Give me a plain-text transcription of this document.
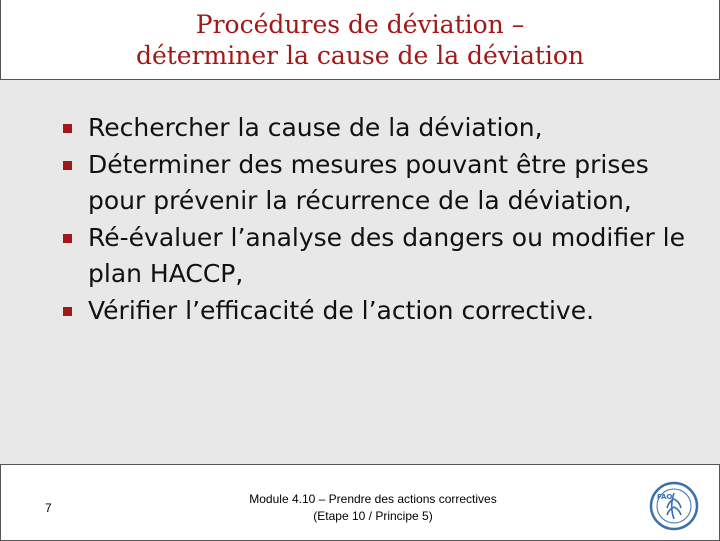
Procédures de déviation –
déterminer la cause de la déviation
Rechercher la cause de la déviation,
Déterminer des mesures pouvant être prises pour prévenir la récurrence de la déviation,
Ré-évaluer l’analyse des dangers ou modifier le plan HACCP,
Vérifier l’efficacité de l’action corrective.
7
Module 4.10 – Prendre des actions correctives
(Etape 10 / Principe 5)
FAO
